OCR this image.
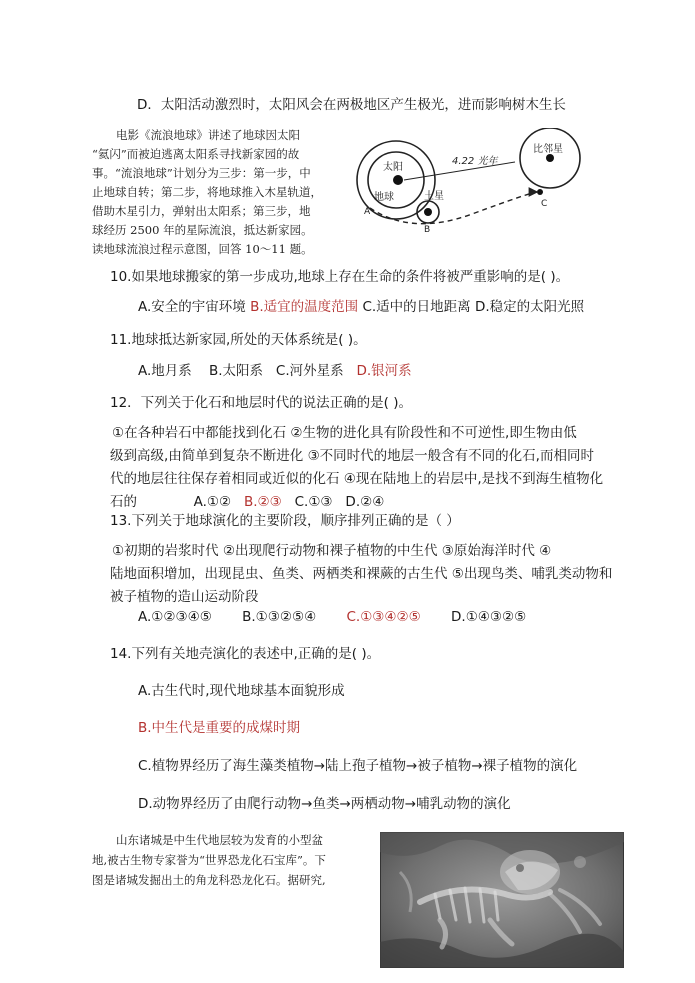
D．太阳活动激烈时，太阳风会在两极地区产生极光，进而影响树木生长
电影《流浪地球》讲述了地球因太阳
“氦闪”而被迫逃离太阳系寻找新家园的故
事。“流浪地球”计划分为三步：第一步，中
止地球自转；第二步，将地球推入木星轨道，
借助木星引力，弹射出太阳系；第三步，地
球经历 2500 年的星际流浪，抵达新家园。
读地球流浪过程示意图，回答 10～11 题。
太阳
地球	土星
比邻星
4.22 光年
A
B
C
10.如果地球搬家的第一步成功,地球上存在生命的条件将被严重影响的是( )。
A.安全的宇宙环境 B.适宜的温度范围 C.适中的日地距离 D.稳定的太阳光照
11.地球抵达新家园,所处的天体系统是( )。
A.地月系 B.太阳系 C.河外星系 D.银河系
12．下列关于化石和地层时代的说法正确的是( )。
①在各种岩石中都能找到化石 ②生物的进化具有阶段性和不可逆性,即生物由低
级到高级,由简单到复杂不断进化 ③不同时代的地层一般含有不同的化石,而相同时
代的地层往往保存着相同或近似的化石 ④现在陆地上的岩层中,是找不到海生植物化
石的	A.①② B.②③ C.①③ D.②④
13.下列关于地球演化的主要阶段，顺序排列正确的是（ ）
①初期的岩浆时代 ②出现爬行动物和裸子植物的中生代 ③原始海洋时代 ④
陆地面积增加，出现昆虫、鱼类、两栖类和裸蕨的古生代 ⑤出现鸟类、哺乳类动物和
被子植物的造山运动阶段
A.①②③④⑤ B.①③②⑤④ C.①③④②⑤ D.①④③②⑤
14.下列有关地壳演化的表述中,正确的是( )。
A.古生代时,现代地球基本面貌形成
B.中生代是重要的成煤时期
C.植物界经历了海生藻类植物→陆上孢子植物→被子植物→裸子植物的演化
D.动物界经历了由爬行动物→鱼类→两栖动物→哺乳动物的演化
山东诸城是中生代地层较为发育的小型盆
地,被古生物专家誉为“世界恐龙化石宝库”。下
图是诸城发掘出土的角龙科恐龙化石。据研究,
